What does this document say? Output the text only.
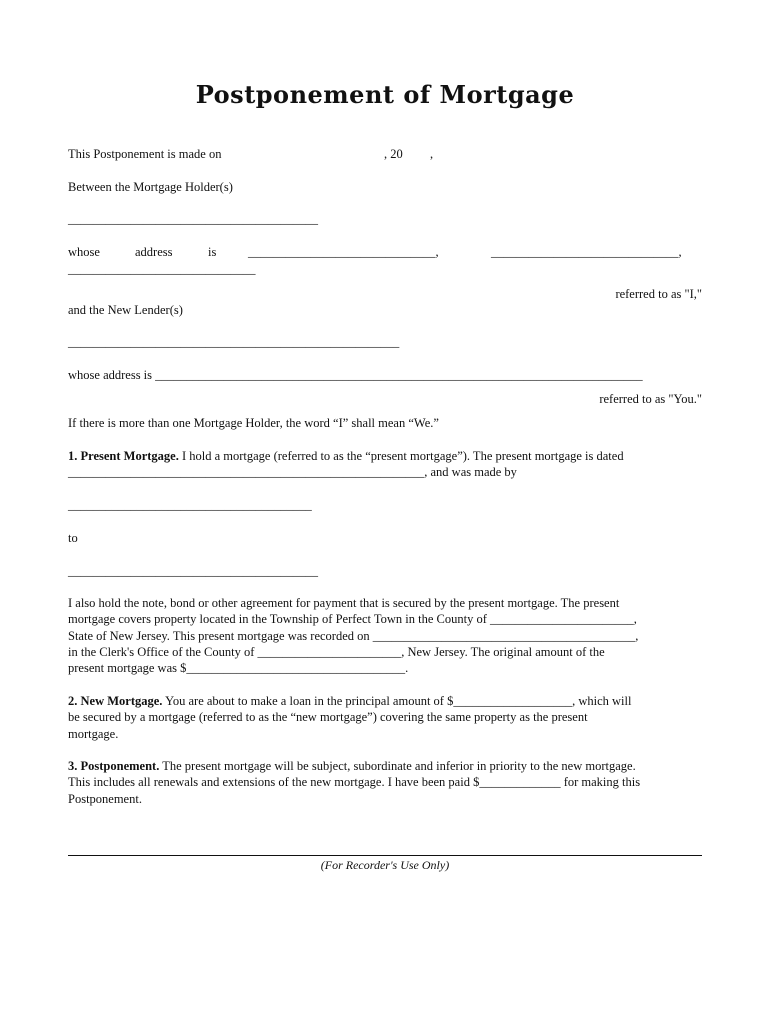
Postponement of Mortgage
This Postponement is made on	, 20 ,
Between the Mortgage Holder(s)
________________________________________
whose	address	is	______________________________,	______________________________,
______________________________
referred to as "I,"
and the New Lender(s)
_____________________________________________________
whose address is ______________________________________________________________________________
referred to as "You."
If there is more than one Mortgage Holder, the word “I” shall mean “We.”
1. Present Mortgage. I hold a mortgage (referred to as the “present mortgage”). The present mortgage is dated
_________________________________________________________, and was made by
_______________________________________
to
________________________________________
I also hold the note, bond or other agreement for payment that is secured by the present mortgage. The present
mortgage covers property located in the Township of Perfect Town in the County of _______________________,
State of New Jersey. This present mortgage was recorded on __________________________________________,
in the Clerk's Office of the County of _______________________, New Jersey. The original amount of the
present mortgage was $___________________________________.
2. New Mortgage. You are about to make a loan in the principal amount of $___________________, which will
be secured by a mortgage (referred to as the “new mortgage”) covering the same property as the present
mortgage.
3. Postponement. The present mortgage will be subject, subordinate and inferior in priority to the new mortgage.
This includes all renewals and extensions of the new mortgage. I have been paid $_____________ for making this
Postponement.
(For Recorder's Use Only)
